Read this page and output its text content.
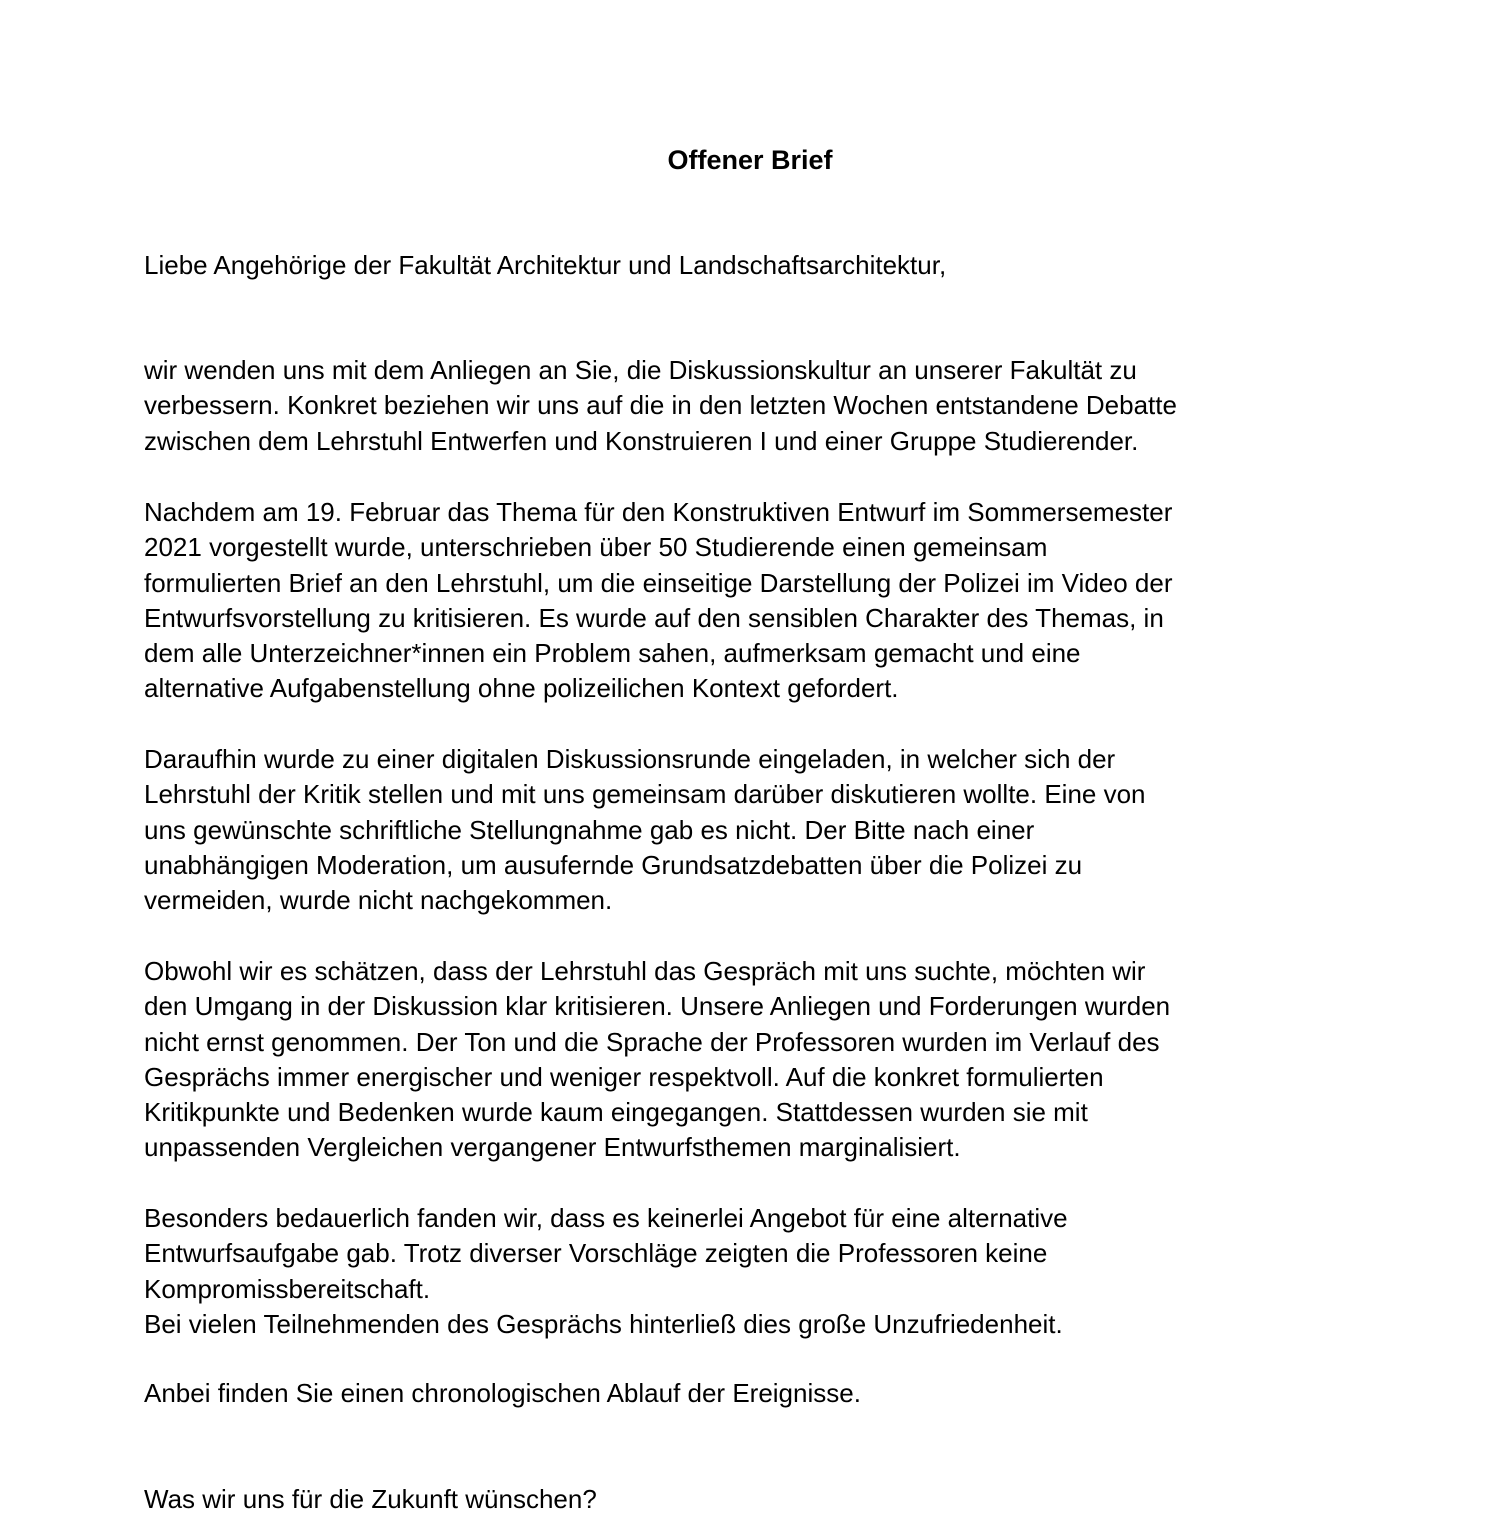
Offener Brief
Liebe Angehörige der Fakultät Architektur und Landschaftsarchitektur,
wir wenden uns mit dem Anliegen an Sie, die Diskussionskultur an unserer Fakultät zu
verbessern. Konkret beziehen wir uns auf die in den letzten Wochen entstandene Debatte
zwischen dem Lehrstuhl Entwerfen und Konstruieren I und einer Gruppe Studierender.
Nachdem am 19. Februar das Thema für den Konstruktiven Entwurf im Sommersemester
2021 vorgestellt wurde, unterschrieben über 50 Studierende einen gemeinsam
formulierten Brief an den Lehrstuhl, um die einseitige Darstellung der Polizei im Video der
Entwurfsvorstellung zu kritisieren. Es wurde auf den sensiblen Charakter des Themas, in
dem alle Unterzeichner*innen ein Problem sahen, aufmerksam gemacht und eine
alternative Aufgabenstellung ohne polizeilichen Kontext gefordert.
Daraufhin wurde zu einer digitalen Diskussionsrunde eingeladen, in welcher sich der
Lehrstuhl der Kritik stellen und mit uns gemeinsam darüber diskutieren wollte. Eine von
uns gewünschte schriftliche Stellungnahme gab es nicht. Der Bitte nach einer
unabhängigen Moderation, um ausufernde Grundsatzdebatten über die Polizei zu
vermeiden, wurde nicht nachgekommen.
Obwohl wir es schätzen, dass der Lehrstuhl das Gespräch mit uns suchte, möchten wir
den Umgang in der Diskussion klar kritisieren. Unsere Anliegen und Forderungen wurden
nicht ernst genommen. Der Ton und die Sprache der Professoren wurden im Verlauf des
Gesprächs immer energischer und weniger respektvoll. Auf die konkret formulierten
Kritikpunkte und Bedenken wurde kaum eingegangen. Stattdessen wurden sie mit
unpassenden Vergleichen vergangener Entwurfsthemen marginalisiert.
Besonders bedauerlich fanden wir, dass es keinerlei Angebot für eine alternative
Entwurfsaufgabe gab. Trotz diverser Vorschläge zeigten die Professoren keine
Kompromissbereitschaft.
Bei vielen Teilnehmenden des Gesprächs hinterließ dies große Unzufriedenheit.
Anbei finden Sie einen chronologischen Ablauf der Ereignisse.
Was wir uns für die Zukunft wünschen?
